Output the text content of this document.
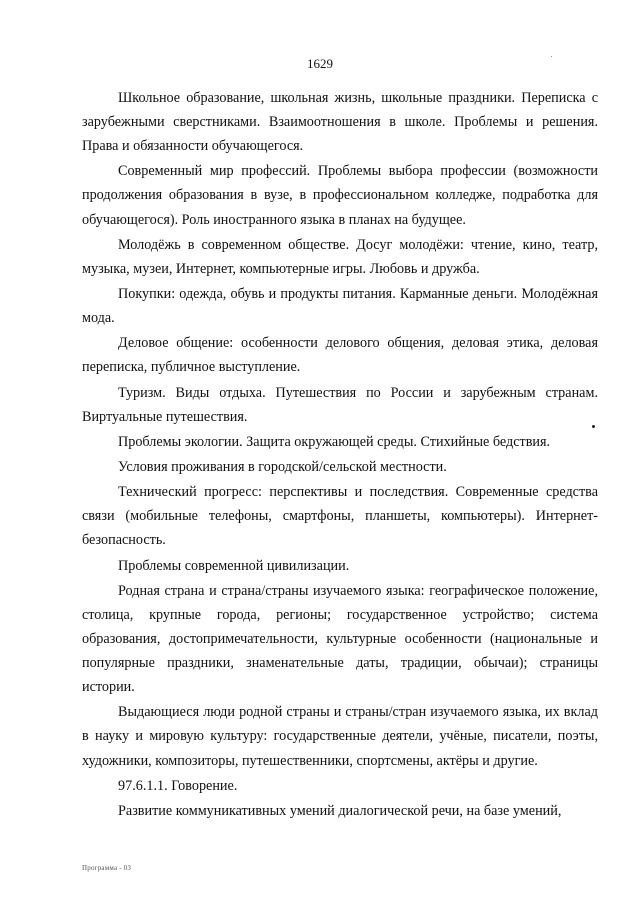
1629

Школьное образование, школьная жизнь, школьные праздники. Переписка с зарубежными сверстниками. Взаимоотношения в школе. Проблемы и решения. Права и обязанности обучающегося.

Современный мир профессий. Проблемы выбора профессии (возможности продолжения образования в вузе, в профессиональном колледже, подработка для обучающегося). Роль иностранного языка в планах на будущее.

Молодёжь в современном обществе. Досуг молодёжи: чтение, кино, театр, музыка, музеи, Интернет, компьютерные игры. Любовь и дружба.

Покупки: одежда, обувь и продукты питания. Карманные деньги. Молодёжная мода.

Деловое общение: особенности делового общения, деловая этика, деловая переписка, публичное выступление.

Туризм. Виды отдыха. Путешествия по России и зарубежным странам. Виртуальные путешествия.

Проблемы экологии. Защита окружающей среды. Стихийные бедствия.

Условия проживания в городской/сельской местности.

Технический прогресс: перспективы и последствия. Современные средства связи (мобильные телефоны, смартфоны, планшеты, компьютеры). Интернет-безопасность.

Проблемы современной цивилизации.

Родная страна и страна/страны изучаемого языка: географическое положение, столица, крупные города, регионы; государственное устройство; система образования, достопримечательности, культурные особенности (национальные и популярные праздники, знаменательные даты, традиции, обычаи); страницы истории.

Выдающиеся люди родной страны и страны/стран изучаемого языка, их вклад в науку и мировую культуру: государственные деятели, учёные, писатели, поэты, художники, композиторы, путешественники, спортсмены, актёры и другие.

97.6.1.1. Говорение.

Развитие коммуникативных умений диалогической речи, на базе умений,

Программа - 03
